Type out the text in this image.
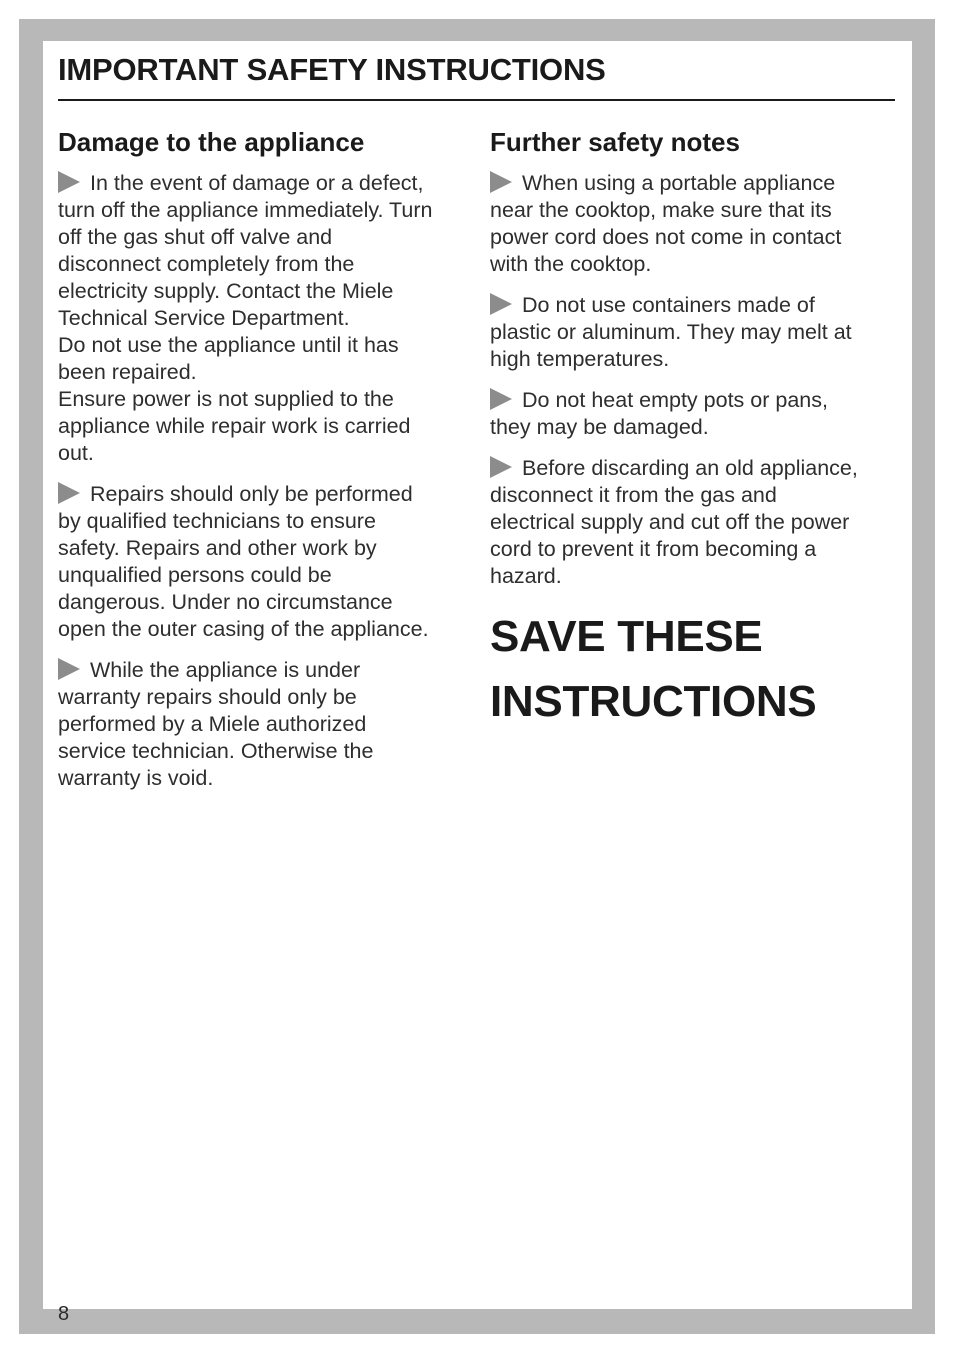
IMPORTANT SAFETY INSTRUCTIONS
Damage to the appliance
In the event of damage or a defect,
turn off the appliance immediately. Turn
off the gas shut off valve and
disconnect completely from the
electricity supply. Contact the Miele
Technical Service Department.
Do not use the appliance until it has
been repaired.
Ensure power is not supplied to the
appliance while repair work is carried
out.
Repairs should only be performed
by qualified technicians to ensure
safety. Repairs and other work by
unqualified persons could be
dangerous. Under no circumstance
open the outer casing of the appliance.
While the appliance is under
warranty repairs should only be
performed by a Miele authorized
service technician. Otherwise the
warranty is void.
Further safety notes
When using a portable appliance
near the cooktop, make sure that its
power cord does not come in contact
with the cooktop.
Do not use containers made of
plastic or aluminum. They may melt at
high temperatures.
Do not heat empty pots or pans,
they may be damaged.
Before discarding an old appliance,
disconnect it from the gas and
electrical supply and cut off the power
cord to prevent it from becoming a
hazard.
SAVE THESE
INSTRUCTIONS
8
